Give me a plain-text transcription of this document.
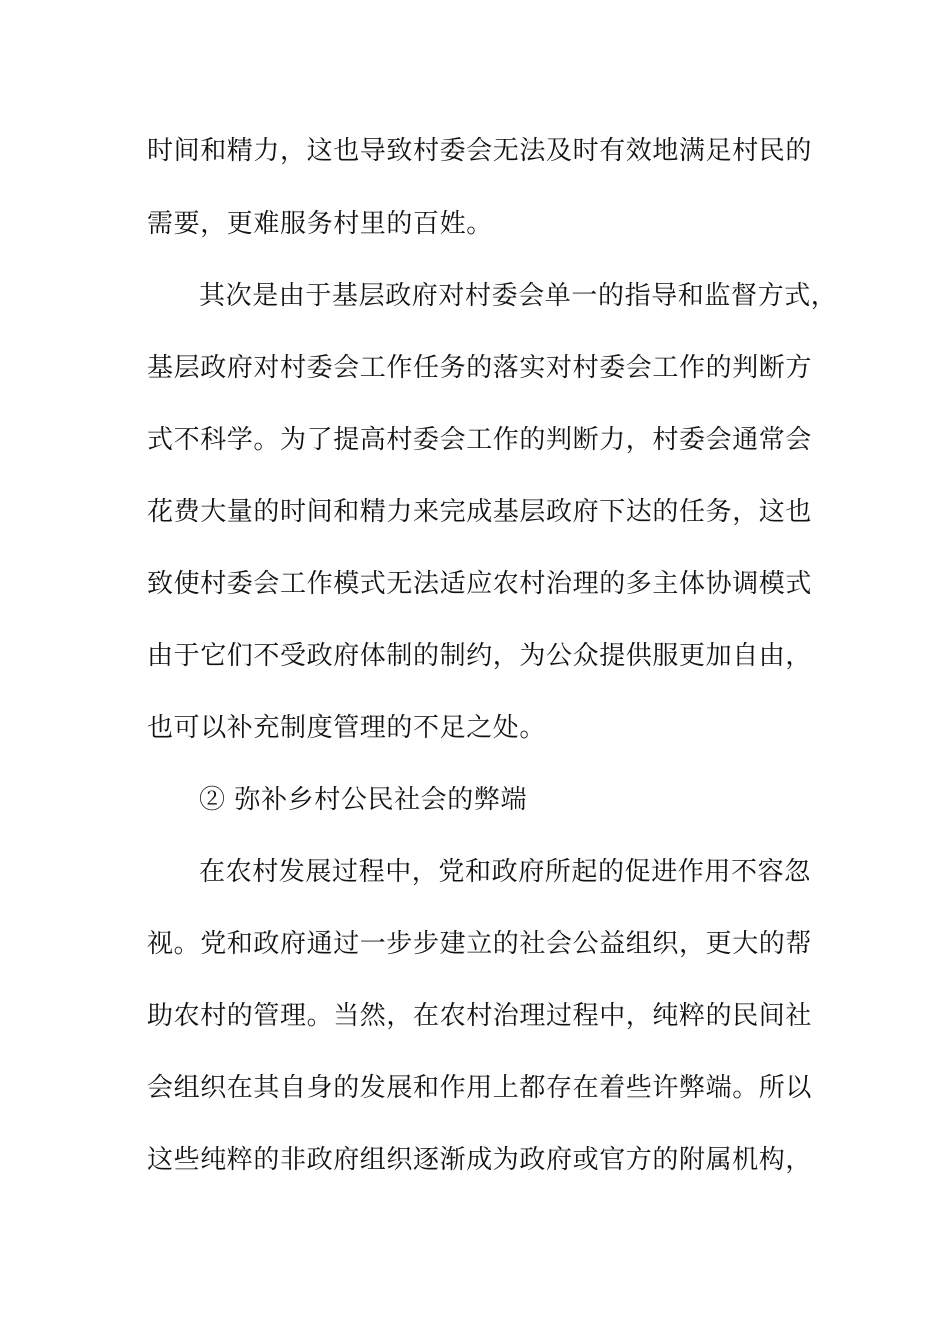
时间和精力，这也导致村委会无法及时有效地满足村民的
需要，更难服务村里的百姓。
其次是由于基层政府对村委会单一的指导和监督方式，
基层政府对村委会工作任务的落实对村委会工作的判断方
式不科学。为了提高村委会工作的判断力，村委会通常会
花费大量的时间和精力来完成基层政府下达的任务，这也
致使村委会工作模式无法适应农村治理的多主体协调模式
由于它们不受政府体制的制约，为公众提供服更加自由，
也可以补充制度管理的不足之处。
② 弥补乡村公民社会的弊端
在农村发展过程中，党和政府所起的促进作用不容忽
视。党和政府通过一步步建立的社会公益组织，更大的帮
助农村的管理。当然，在农村治理过程中，纯粹的民间社
会组织在其自身的发展和作用上都存在着些许弊端。所以
这些纯粹的非政府组织逐渐成为政府或官方的附属机构，
